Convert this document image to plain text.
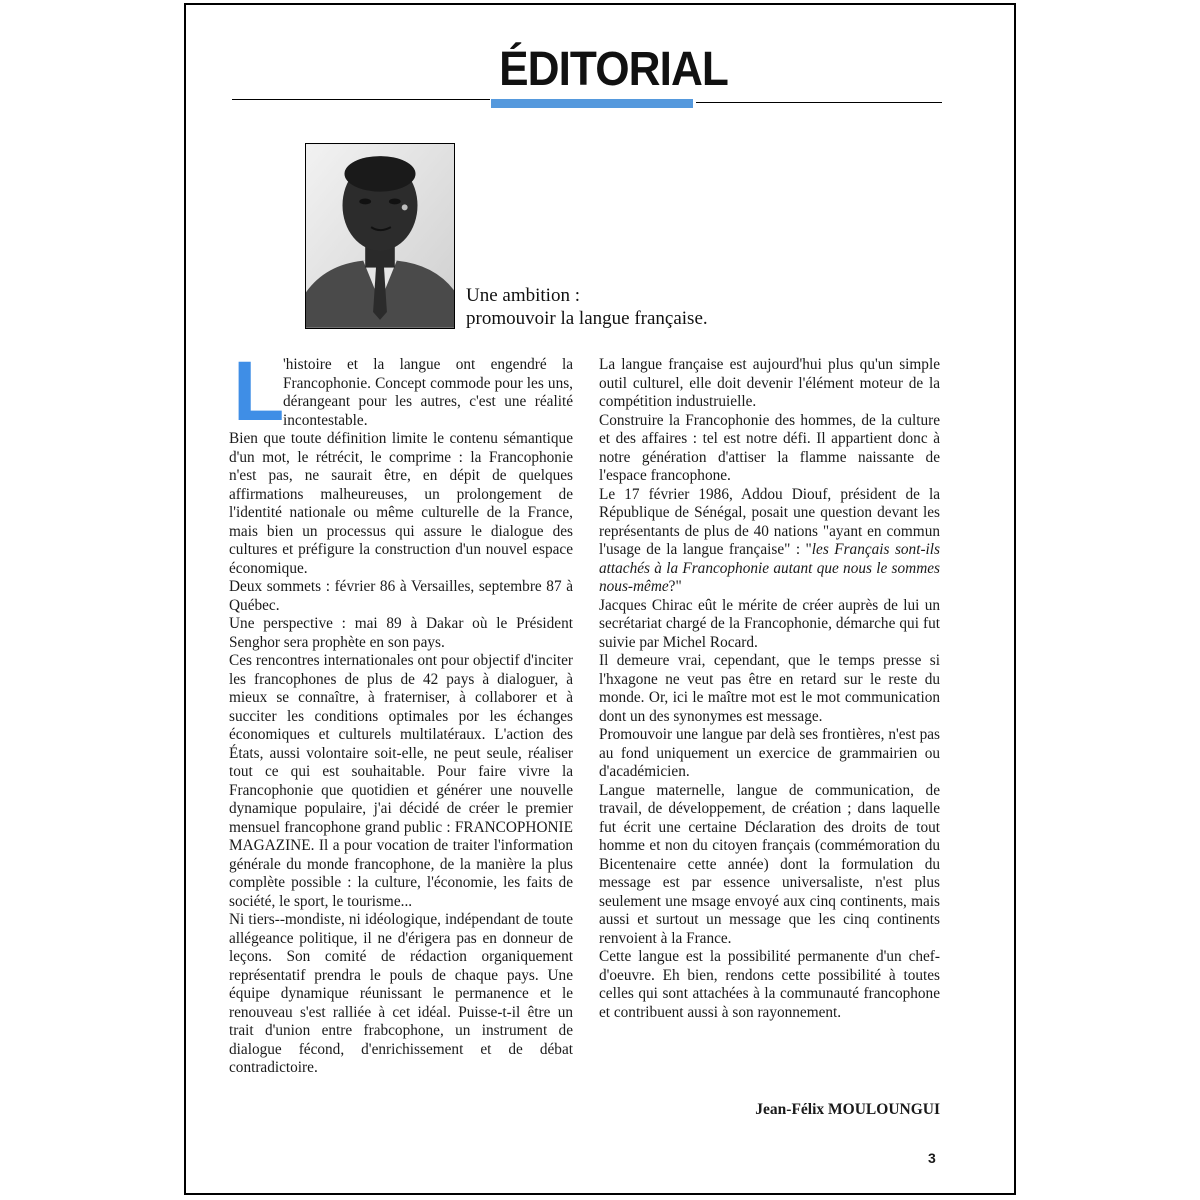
ÉDITORIAL
Une ambition :
promouvoir la langue française.

L
'histoire et la langue ont engendré la Francophonie. Concept commode pour les uns, dérangeant pour les autres, c'est une réalité incontestable.

Bien que toute définition limite le contenu sémantique d'un mot, le rétrécit, le comprime : la Francophonie n'est pas, ne saurait être, en dépit de quelques affirmations malheureuses, un prolongement de l'identité nationale ou même culturelle de la France, mais bien un processus qui assure le dialogue des cultures et préfigure la construction d'un nouvel espace économique.

Deux sommets : février 86 à Versailles, septembre 87 à Québec.

Une perspective : mai 89 à Dakar où le Président Senghor sera prophète en son pays.

Ces rencontres internationales ont pour objectif d'inciter les francophones de plus de 42 pays à dialoguer, à mieux se connaître, à fraterniser, à collaborer et à succiter les conditions optimales por les échanges économiques et culturels multilatéraux. L'action des États, aussi volontaire soit-elle, ne peut seule, réaliser tout ce qui est souhaitable. Pour faire vivre la Francophonie que quotidien et générer une nouvelle dynamique populaire, j'ai décidé de créer le premier mensuel francophone grand public : FRANCOPHONIE MAGAZINE. Il a pour vocation de traiter l'information générale du monde francophone, de la manière la plus complète possible : la culture, l'économie, les faits de société, le sport, le tourisme...

Ni tiers--mondiste, ni idéologique, indépendant de toute allégeance politique, il ne d'érigera pas en donneur de leçons. Son comité de rédaction organiquement représentatif prendra le pouls de chaque pays. Une équipe dynamique réunissant le permanence et le renouveau s'est ralliée à cet idéal. Puisse-t-il être un trait d'union entre frabcophone, un instrument de dialogue fécond, d'enrichissement et de débat contradictoire.

La langue française est aujourd'hui plus qu'un simple outil culturel, elle doit devenir l'élément moteur de la compétition industruielle.

Construire la Francophonie des hommes, de la culture et des affaires : tel est notre défi. Il appartient donc à notre génération d'attiser la flamme naissante de l'espace francophone.

Le 17 février 1986, Addou Diouf, président de la République de Sénégal, posait une question devant les représentants de plus de 40 nations "ayant en commun l'usage de la langue française" : "les Français sont-ils attachés à la Francophonie autant que nous le sommes nous-même?"

Jacques Chirac eût le mérite de créer auprès de lui un secrétariat chargé de la Francophonie, démarche qui fut suivie par Michel Rocard.

Il demeure vrai, cependant, que le temps presse si l'hxagone ne veut pas être en retard sur le reste du monde. Or, ici le maître mot est le mot communication dont un des synonymes est message.

Promouvoir une langue par delà ses frontières, n'est pas au fond uniquement un exercice de grammairien ou d'académicien.

Langue maternelle, langue de communication, de travail, de développement, de création ; dans laquelle fut écrit une certaine Déclaration des droits de tout homme et non du citoyen français (commémoration du Bicentenaire cette année) dont la formulation du message est par essence universaliste, n'est plus seulement une msage envoyé aux cinq continents, mais aussi et surtout un message que les cinq continents renvoient à la France.

Cette langue est la possibilité permanente d'un chef-d'oeuvre. Eh bien, rendons cette possibilité à toutes celles qui sont attachées à la communauté francophone et contribuent aussi à son rayonnement.

Jean-Félix MOULOUNGUI
3
